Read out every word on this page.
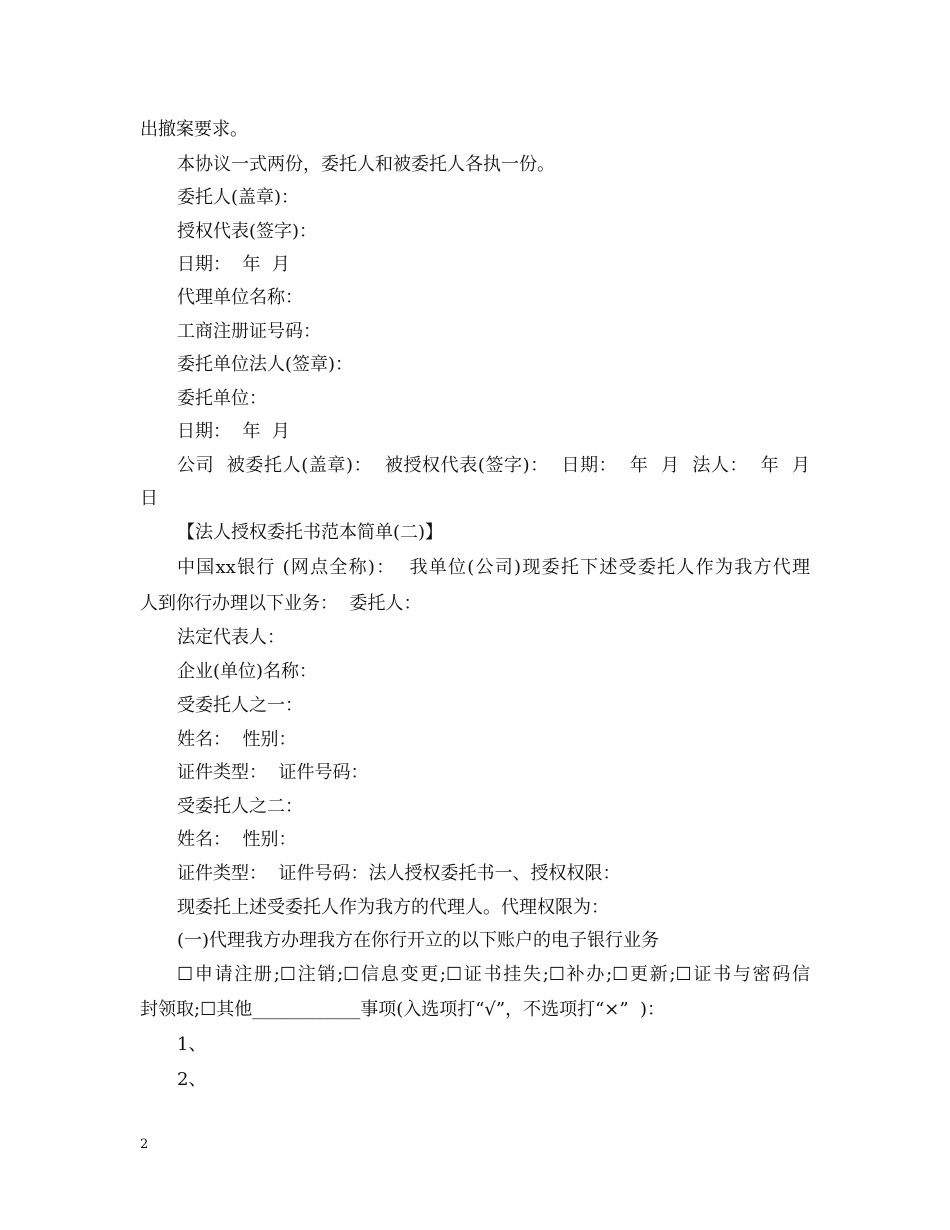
出撤案要求。
本协议一式两份，委托人和被委托人各执一份。
委托人(盖章)：
授权代表(签字)：
日期：  年  月
代理单位名称：
工商注册证号码：
委托单位法人(签章)：
委托单位：
日期：  年  月
公司  被委托人(盖章)：  被授权代表(签字)：  日期：  年  月  法人：  年  月
日
【法人授权委托书范本简单(二)】
中国xx银行 (网点全称)：  我单位(公司)现委托下述受委托人作为我方代理
人到你行办理以下业务：  委托人：
法定代表人：
企业(单位)名称：
受委托人之一：
姓名：  性别：
证件类型：  证件号码：
受委托人之二：
姓名：  性别：
证件类型：  证件号码：法人授权委托书一、授权权限：
现委托上述受委托人作为我方的代理人。代理权限为：
(一)代理我方办理我方在你行开立的以下账户的电子银行业务
☐申请注册;☐注销;☐信息变更;☐证书挂失;☐补办;☐更新;☐证书与密码信
封领取;☐其他____________事项(入选项打“√”，不选项打“×”  )：
1、
2、
2
